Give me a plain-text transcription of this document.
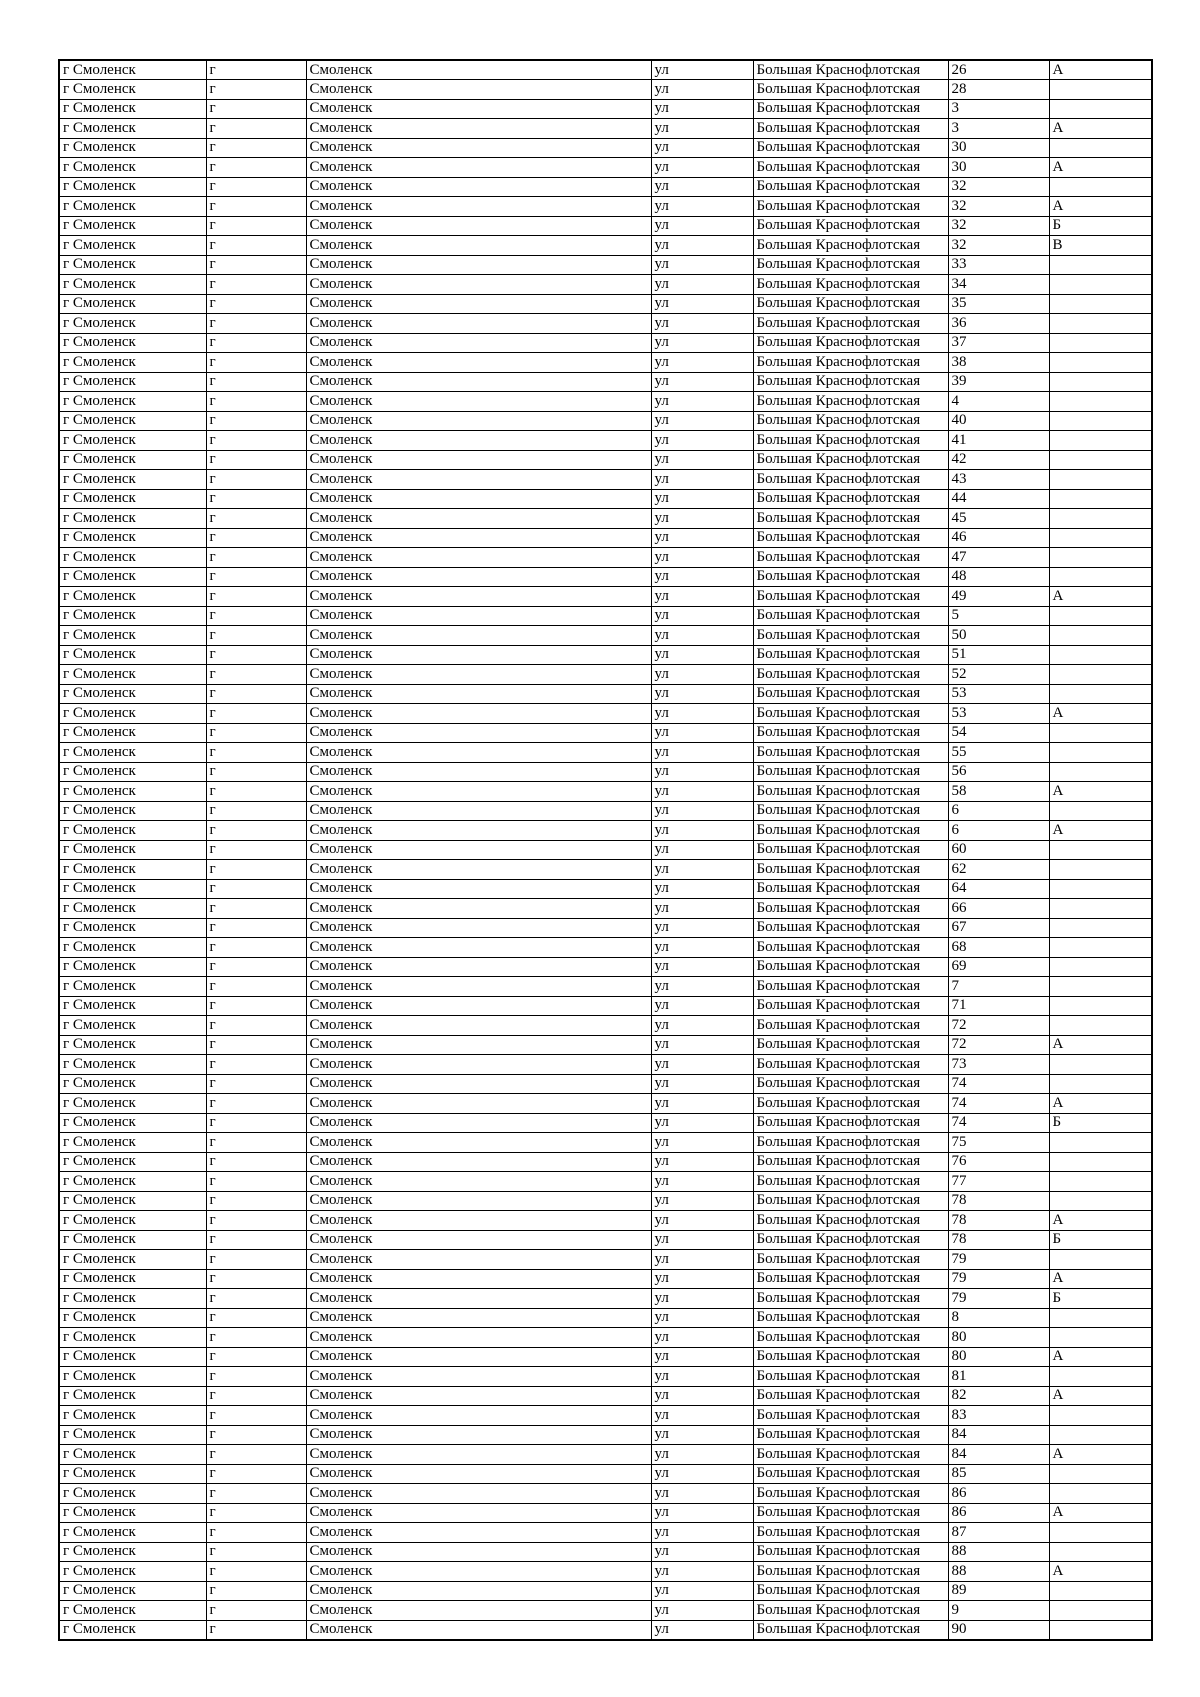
г Смоленск	г	Смоленск	ул	Большая Краснофлотская	26	А
г Смоленск	г	Смоленск	ул	Большая Краснофлотская	28	
г Смоленск	г	Смоленск	ул	Большая Краснофлотская	3	
г Смоленск	г	Смоленск	ул	Большая Краснофлотская	3	А
г Смоленск	г	Смоленск	ул	Большая Краснофлотская	30	
г Смоленск	г	Смоленск	ул	Большая Краснофлотская	30	А
г Смоленск	г	Смоленск	ул	Большая Краснофлотская	32	
г Смоленск	г	Смоленск	ул	Большая Краснофлотская	32	А
г Смоленск	г	Смоленск	ул	Большая Краснофлотская	32	Б
г Смоленск	г	Смоленск	ул	Большая Краснофлотская	32	В
г Смоленск	г	Смоленск	ул	Большая Краснофлотская	33	
г Смоленск	г	Смоленск	ул	Большая Краснофлотская	34	
г Смоленск	г	Смоленск	ул	Большая Краснофлотская	35	
г Смоленск	г	Смоленск	ул	Большая Краснофлотская	36	
г Смоленск	г	Смоленск	ул	Большая Краснофлотская	37	
г Смоленск	г	Смоленск	ул	Большая Краснофлотская	38	
г Смоленск	г	Смоленск	ул	Большая Краснофлотская	39	
г Смоленск	г	Смоленск	ул	Большая Краснофлотская	4	
г Смоленск	г	Смоленск	ул	Большая Краснофлотская	40	
г Смоленск	г	Смоленск	ул	Большая Краснофлотская	41	
г Смоленск	г	Смоленск	ул	Большая Краснофлотская	42	
г Смоленск	г	Смоленск	ул	Большая Краснофлотская	43	
г Смоленск	г	Смоленск	ул	Большая Краснофлотская	44	
г Смоленск	г	Смоленск	ул	Большая Краснофлотская	45	
г Смоленск	г	Смоленск	ул	Большая Краснофлотская	46	
г Смоленск	г	Смоленск	ул	Большая Краснофлотская	47	
г Смоленск	г	Смоленск	ул	Большая Краснофлотская	48	
г Смоленск	г	Смоленск	ул	Большая Краснофлотская	49	А
г Смоленск	г	Смоленск	ул	Большая Краснофлотская	5	
г Смоленск	г	Смоленск	ул	Большая Краснофлотская	50	
г Смоленск	г	Смоленск	ул	Большая Краснофлотская	51	
г Смоленск	г	Смоленск	ул	Большая Краснофлотская	52	
г Смоленск	г	Смоленск	ул	Большая Краснофлотская	53	
г Смоленск	г	Смоленск	ул	Большая Краснофлотская	53	А
г Смоленск	г	Смоленск	ул	Большая Краснофлотская	54	
г Смоленск	г	Смоленск	ул	Большая Краснофлотская	55	
г Смоленск	г	Смоленск	ул	Большая Краснофлотская	56	
г Смоленск	г	Смоленск	ул	Большая Краснофлотская	58	А
г Смоленск	г	Смоленск	ул	Большая Краснофлотская	6	
г Смоленск	г	Смоленск	ул	Большая Краснофлотская	6	А
г Смоленск	г	Смоленск	ул	Большая Краснофлотская	60	
г Смоленск	г	Смоленск	ул	Большая Краснофлотская	62	
г Смоленск	г	Смоленск	ул	Большая Краснофлотская	64	
г Смоленск	г	Смоленск	ул	Большая Краснофлотская	66	
г Смоленск	г	Смоленск	ул	Большая Краснофлотская	67	
г Смоленск	г	Смоленск	ул	Большая Краснофлотская	68	
г Смоленск	г	Смоленск	ул	Большая Краснофлотская	69	
г Смоленск	г	Смоленск	ул	Большая Краснофлотская	7	
г Смоленск	г	Смоленск	ул	Большая Краснофлотская	71	
г Смоленск	г	Смоленск	ул	Большая Краснофлотская	72	
г Смоленск	г	Смоленск	ул	Большая Краснофлотская	72	А
г Смоленск	г	Смоленск	ул	Большая Краснофлотская	73	
г Смоленск	г	Смоленск	ул	Большая Краснофлотская	74	
г Смоленск	г	Смоленск	ул	Большая Краснофлотская	74	А
г Смоленск	г	Смоленск	ул	Большая Краснофлотская	74	Б
г Смоленск	г	Смоленск	ул	Большая Краснофлотская	75	
г Смоленск	г	Смоленск	ул	Большая Краснофлотская	76	
г Смоленск	г	Смоленск	ул	Большая Краснофлотская	77	
г Смоленск	г	Смоленск	ул	Большая Краснофлотская	78	
г Смоленск	г	Смоленск	ул	Большая Краснофлотская	78	А
г Смоленск	г	Смоленск	ул	Большая Краснофлотская	78	Б
г Смоленск	г	Смоленск	ул	Большая Краснофлотская	79	
г Смоленск	г	Смоленск	ул	Большая Краснофлотская	79	А
г Смоленск	г	Смоленск	ул	Большая Краснофлотская	79	Б
г Смоленск	г	Смоленск	ул	Большая Краснофлотская	8	
г Смоленск	г	Смоленск	ул	Большая Краснофлотская	80	
г Смоленск	г	Смоленск	ул	Большая Краснофлотская	80	А
г Смоленск	г	Смоленск	ул	Большая Краснофлотская	81	
г Смоленск	г	Смоленск	ул	Большая Краснофлотская	82	А
г Смоленск	г	Смоленск	ул	Большая Краснофлотская	83	
г Смоленск	г	Смоленск	ул	Большая Краснофлотская	84	
г Смоленск	г	Смоленск	ул	Большая Краснофлотская	84	А
г Смоленск	г	Смоленск	ул	Большая Краснофлотская	85	
г Смоленск	г	Смоленск	ул	Большая Краснофлотская	86	
г Смоленск	г	Смоленск	ул	Большая Краснофлотская	86	А
г Смоленск	г	Смоленск	ул	Большая Краснофлотская	87	
г Смоленск	г	Смоленск	ул	Большая Краснофлотская	88	
г Смоленск	г	Смоленск	ул	Большая Краснофлотская	88	А
г Смоленск	г	Смоленск	ул	Большая Краснофлотская	89	
г Смоленск	г	Смоленск	ул	Большая Краснофлотская	9	
г Смоленск	г	Смоленск	ул	Большая Краснофлотская	90	
